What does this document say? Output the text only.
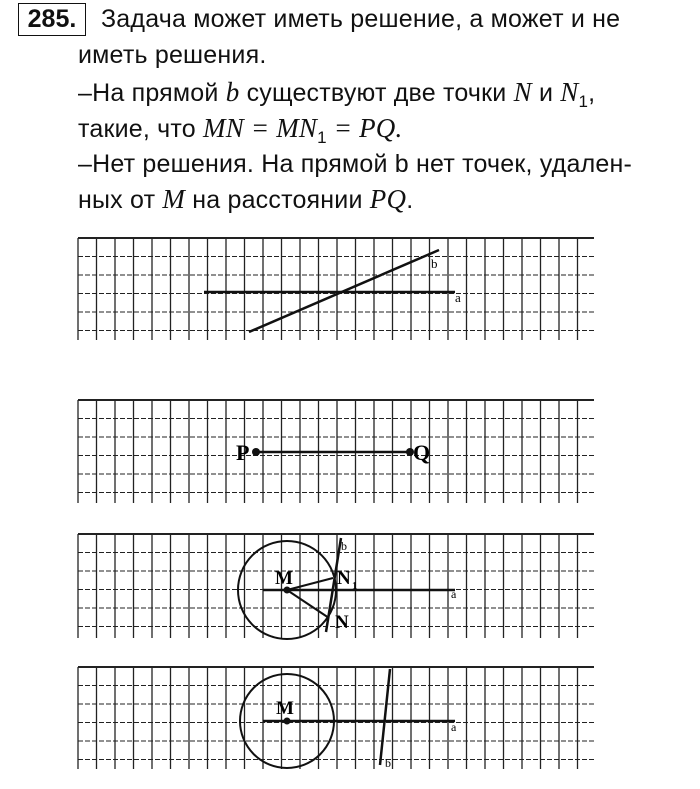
285. Задача может иметь решение, а может и не
иметь решения.
–На прямой b существуют две точки N и $N_1$,
такие, что MN = $MN_1$ = PQ.
–Нет решения. На прямой b нет точек, удален-
ных от M на расстоянии PQ.
b
a
P	Q
M N 1
N
b
a
M
a
b
